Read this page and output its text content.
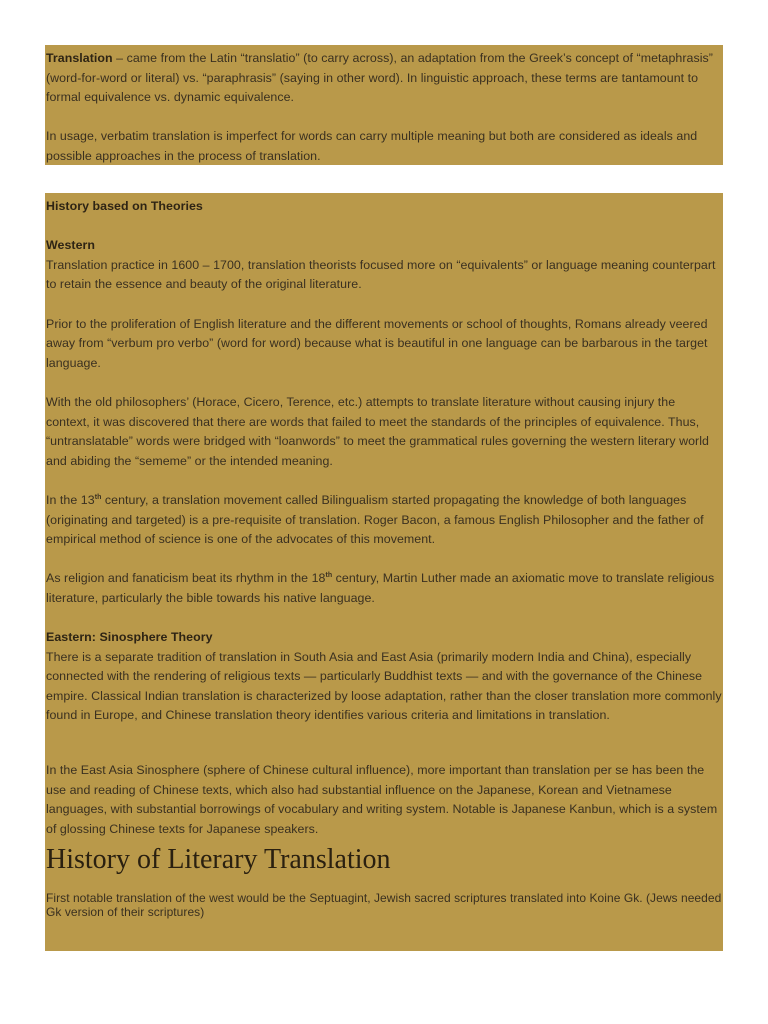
Translation – came from the Latin “translatio” (to carry across), an adaptation from the Greek’s concept of “metaphrasis” (word-for-word or literal) vs. “paraphrasis” (saying in other word). In linguistic approach, these terms are tantamount to formal equivalence vs. dynamic equivalence.

In usage, verbatim translation is imperfect for words can carry multiple meaning but both are considered as ideals and possible approaches in the process of translation.

History based on Theories

Western

Translation practice in 1600 – 1700, translation theorists focused more on “equivalents” or language meaning counterpart to retain the essence and beauty of the original literature.

Prior to the proliferation of English literature and the different movements or school of thoughts, Romans already veered away from “verbum pro verbo” (word for word) because what is beautiful in one language can be barbarous in the target language.

With the old philosophers’ (Horace, Cicero, Terence, etc.) attempts to translate literature without causing injury the context, it was discovered that there are words that failed to meet the standards of the principles of equivalence. Thus, “untranslatable” words were bridged with “loanwords” to meet the grammatical rules governing the western literary world and abiding the “sememe” or the intended meaning.

In the 13th century, a translation movement called Bilingualism started propagating the knowledge of both languages (originating and targeted) is a pre-requisite of translation. Roger Bacon, a famous English Philosopher and the father of empirical method of science is one of the advocates of this movement.

As religion and fanaticism beat its rhythm in the 18th century, Martin Luther made an axiomatic move to translate religious literature, particularly the bible towards his native language.

Eastern: Sinosphere Theory

There is a separate tradition of translation in South Asia and East Asia (primarily modern India and China), especially connected with the rendering of religious texts — particularly Buddhist texts — and with the governance of the Chinese empire. Classical Indian translation is characterized by loose adaptation, rather than the closer translation more commonly found in Europe, and Chinese translation theory identifies various criteria and limitations in translation.

In the East Asia Sinosphere (sphere of Chinese cultural influence), more important than translation per se has been the use and reading of Chinese texts, which also had substantial influence on the Japanese, Korean and Vietnamese languages, with substantial borrowings of vocabulary and writing system. Notable is Japanese Kanbun, which is a system of glossing Chinese texts for Japanese speakers.

History of Literary Translation

First notable translation of the west would be the Septuagint, Jewish sacred scriptures translated into Koine Gk. (Jews needed Gk version of their scriptures)
